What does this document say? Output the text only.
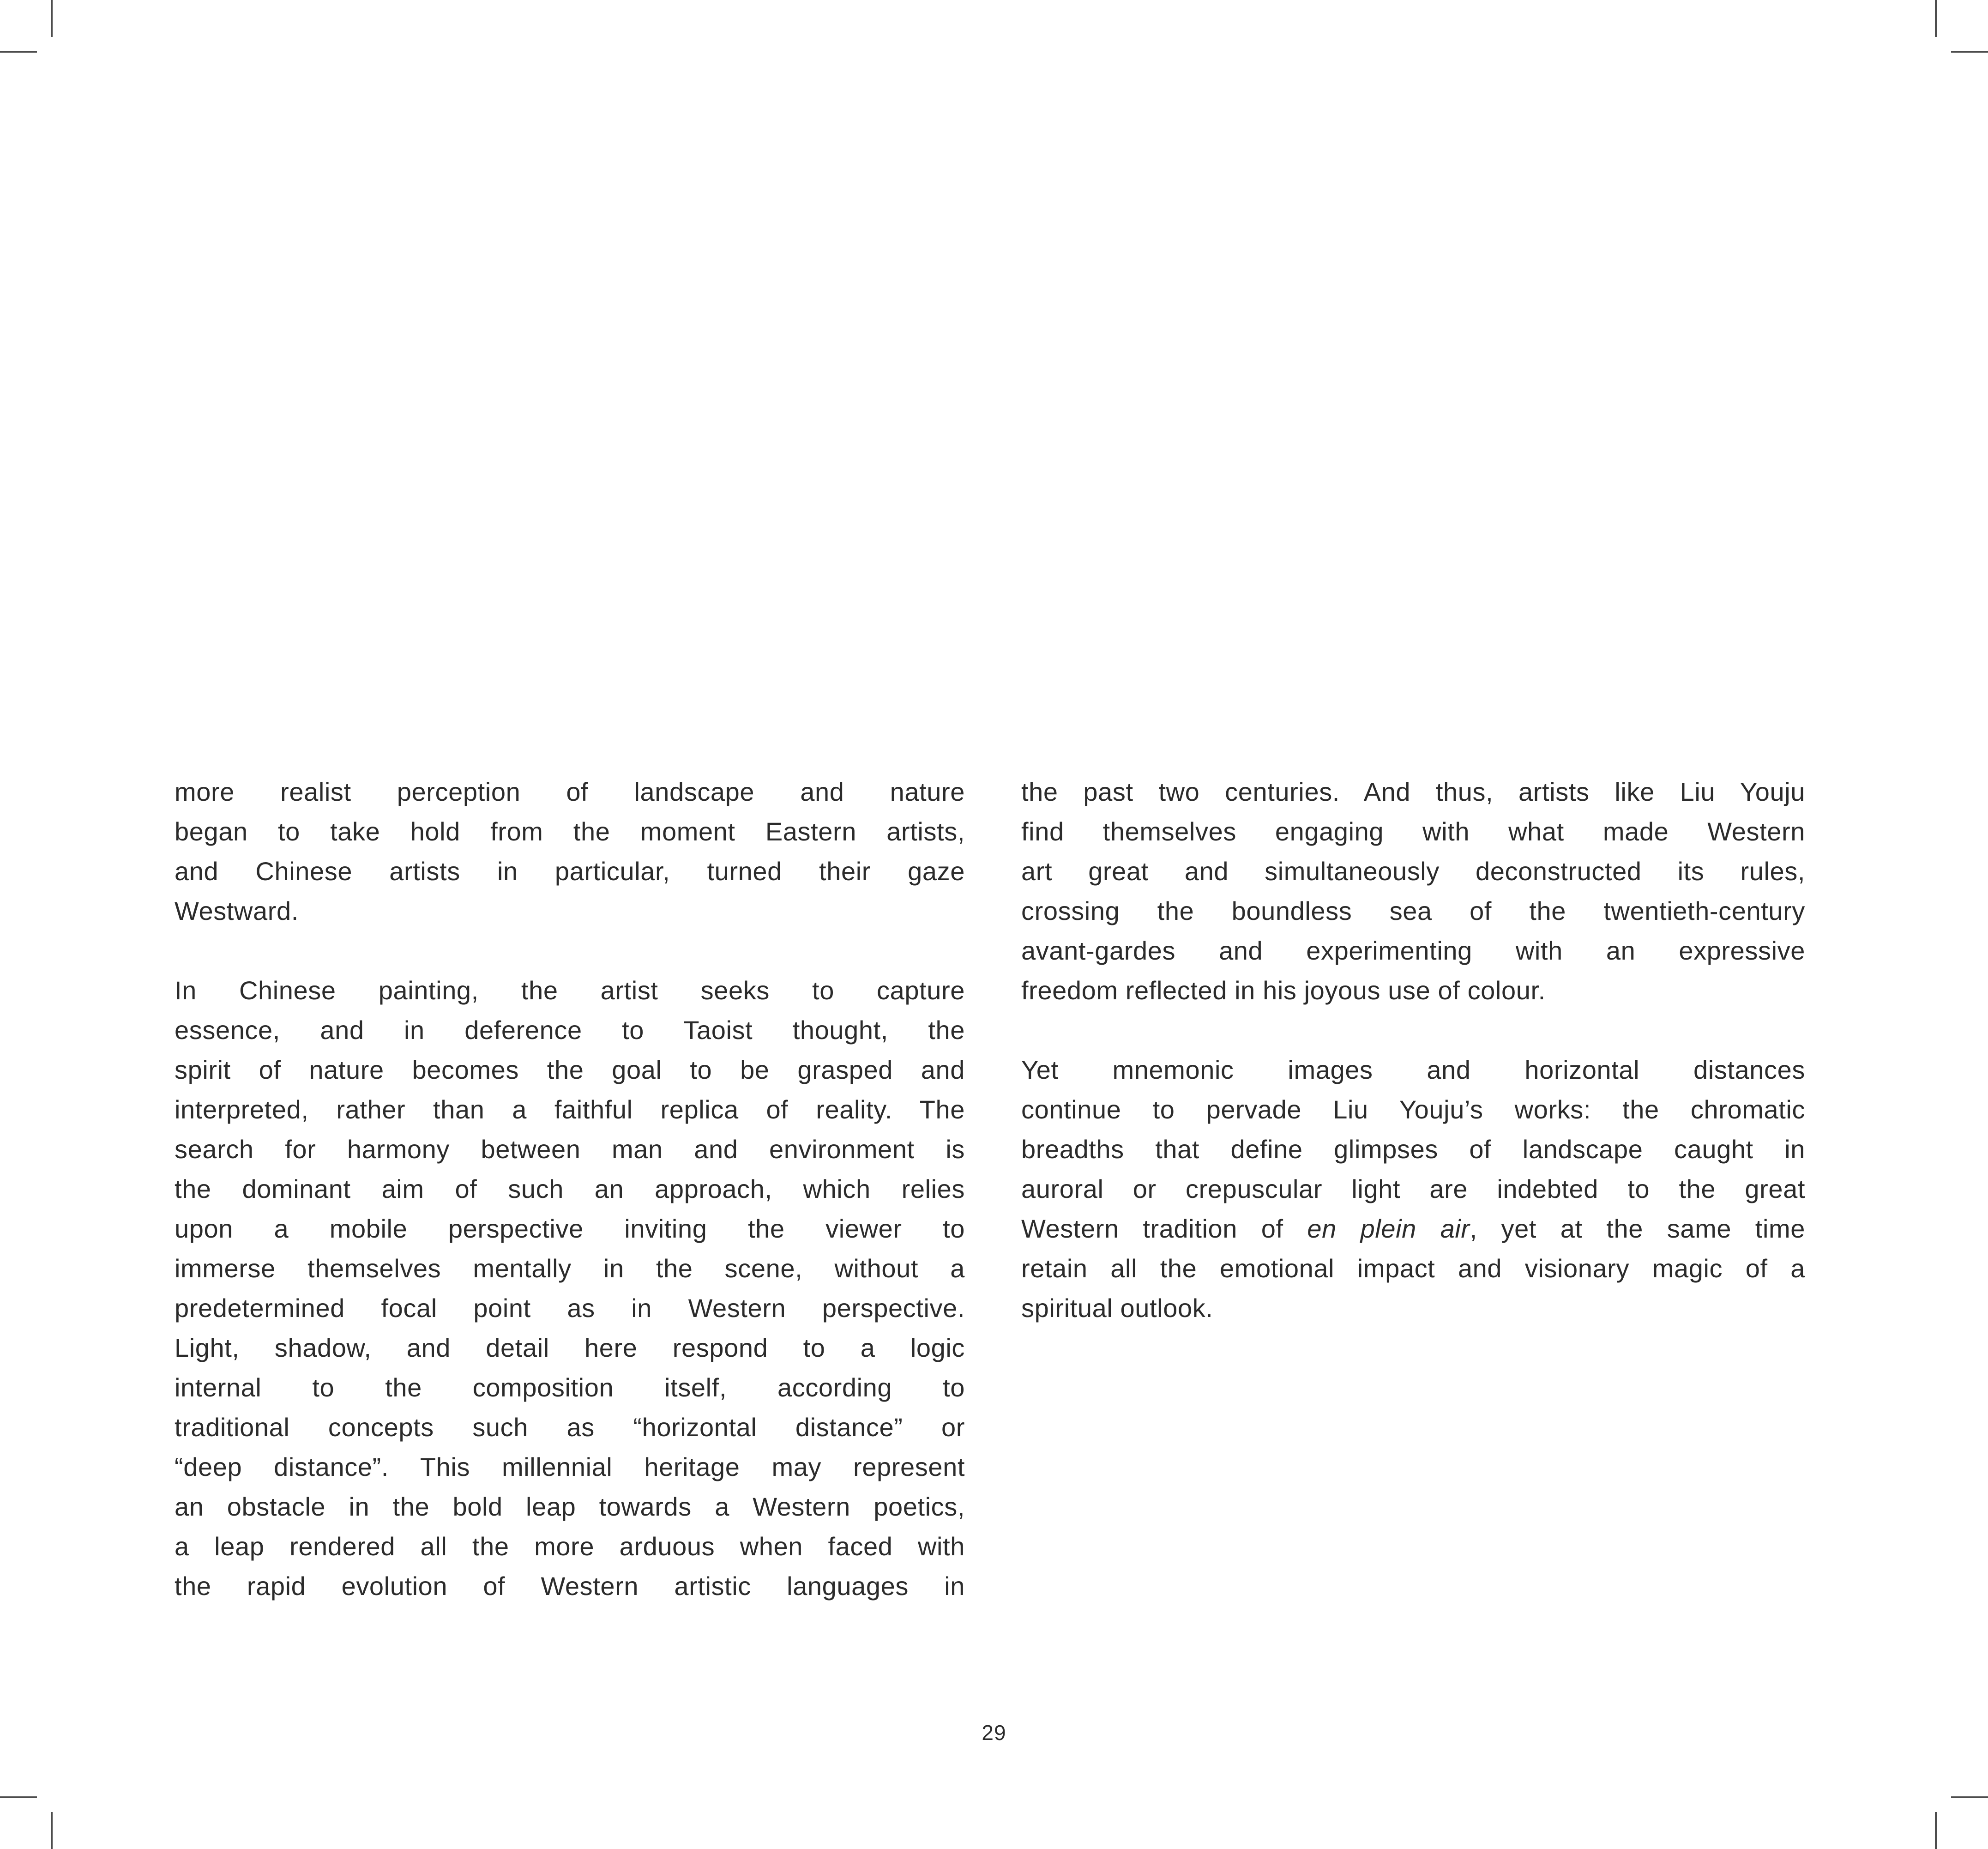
more realist perception of landscape and nature
began to take hold from the moment Eastern artists,
and Chinese artists in particular, turned their gaze
Westward.
In Chinese painting, the artist seeks to capture
essence, and in deference to Taoist thought, the
spirit of nature becomes the goal to be grasped and
interpreted, rather than a faithful replica of reality. The
search for harmony between man and environment is
the dominant aim of such an approach, which relies
upon a mobile perspective inviting the viewer to
immerse themselves mentally in the scene, without a
predetermined focal point as in Western perspective.
Light, shadow, and detail here respond to a logic
internal to the composition itself, according to
traditional concepts such as “horizontal distance” or
“deep distance”. This millennial heritage may represent
an obstacle in the bold leap towards a Western poetics,
a leap rendered all the more arduous when faced with
the rapid evolution of Western artistic languages in
the past two centuries. And thus, artists like Liu Youju
find themselves engaging with what made Western
art great and simultaneously deconstructed its rules,
crossing the boundless sea of the twentieth-century
avant-gardes and experimenting with an expressive
freedom reflected in his joyous use of colour.
Yet mnemonic images and horizontal distances
continue to pervade Liu Youju’s works: the chromatic
breadths that define glimpses of landscape caught in
auroral or crepuscular light are indebted to the great
Western tradition of en plein air, yet at the same time
retain all the emotional impact and visionary magic of a
spiritual outlook.
29
